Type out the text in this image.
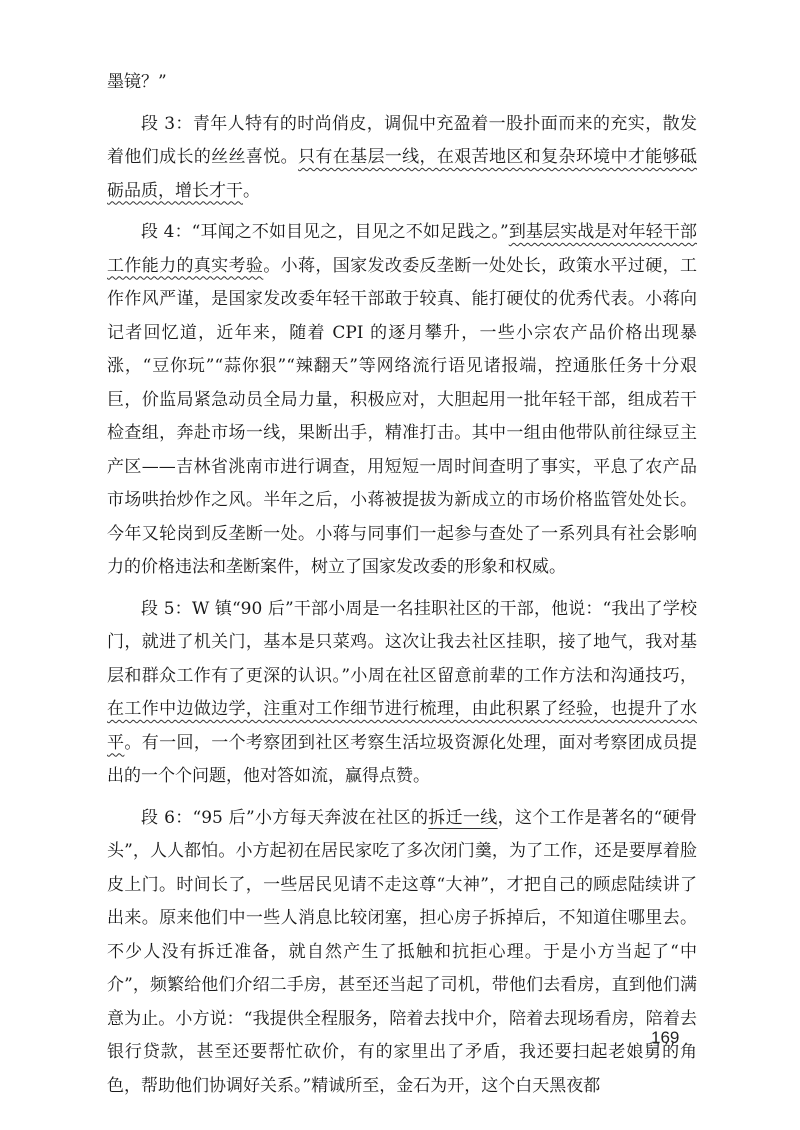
墨镜？”

段 3：青年人特有的时尚俏皮，调侃中充盈着一股扑面而来的充实，散发着他们成长的丝丝喜悦。只有在基层一线，在艰苦地区和复杂环境中才能够砥砺品质，增长才干。

段 4：“耳闻之不如目见之，目见之不如足践之。”到基层实战是对年轻干部工作能力的真实考验。小蒋，国家发改委反垄断一处处长，政策水平过硬，工作作风严谨，是国家发改委年轻干部敢于较真、能打硬仗的优秀代表。小蒋向记者回忆道，近年来，随着 CPI 的逐月攀升，一些小宗农产品价格出现暴涨，“豆你玩”“蒜你狠”“辣翻天”等网络流行语见诸报端，控通胀任务十分艰巨，价监局紧急动员全局力量，积极应对，大胆起用一批年轻干部，组成若干检查组，奔赴市场一线，果断出手，精准打击。其中一组由他带队前往绿豆主产区——吉林省洮南市进行调查，用短短一周时间查明了事实，平息了农产品市场哄抬炒作之风。半年之后，小蒋被提拔为新成立的市场价格监管处处长。今年又轮岗到反垄断一处。小蒋与同事们一起参与查处了一系列具有社会影响力的价格违法和垄断案件，树立了国家发改委的形象和权威。

段 5：W 镇“90 后”干部小周是一名挂职社区的干部，他说：“我出了学校门，就进了机关门，基本是只菜鸡。这次让我去社区挂职，接了地气，我对基层和群众工作有了更深的认识。”小周在社区留意前辈的工作方法和沟通技巧，在工作中边做边学，注重对工作细节进行梳理，由此积累了经验，也提升了水平。有一回，一个考察团到社区考察生活垃圾资源化处理，面对考察团成员提出的一个个问题，他对答如流，赢得点赞。

段 6：“95 后”小方每天奔波在社区的拆迁一线，这个工作是著名的“硬骨头”，人人都怕。小方起初在居民家吃了多次闭门羹，为了工作，还是要厚着脸皮上门。时间长了，一些居民见请不走这尊“大神”，才把自己的顾虑陆续讲了出来。原来他们中一些人消息比较闭塞，担心房子拆掉后，不知道住哪里去。不少人没有拆迁准备，就自然产生了抵触和抗拒心理。于是小方当起了“中介”，频繁给他们介绍二手房，甚至还当起了司机，带他们去看房，直到他们满意为止。小方说：“我提供全程服务，陪着去找中介，陪着去现场看房，陪着去银行贷款，甚至还要帮忙砍价，有的家里出了矛盾，我还要扫起老娘舅的角色，帮助他们协调好关系。”精诚所至，金石为开，这个白天黑夜都

169
